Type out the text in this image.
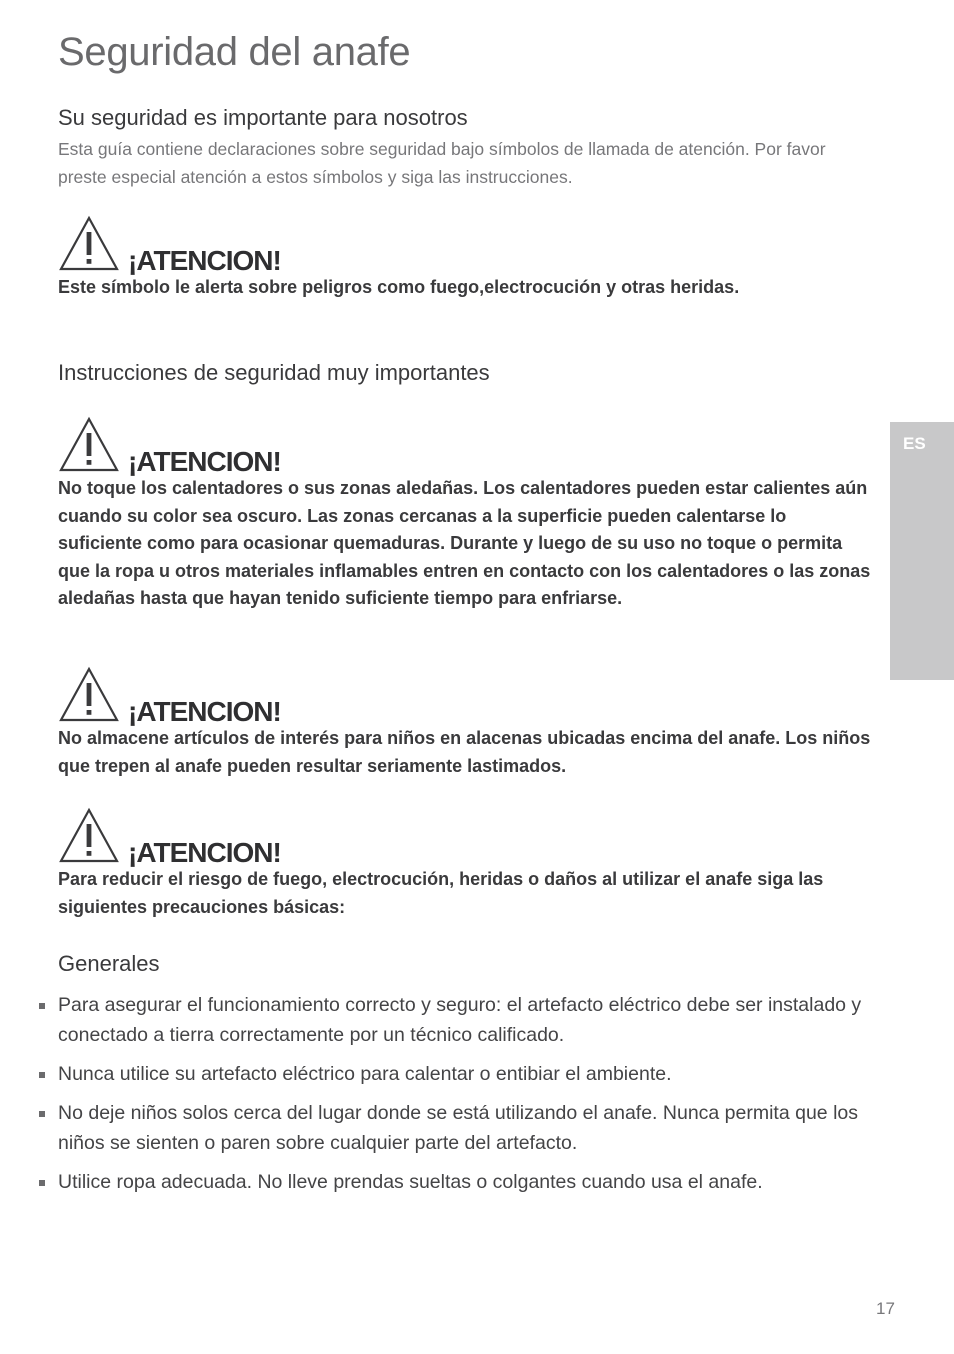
Seguridad del anafe
Su seguridad es importante para nosotros

Esta guía contiene declaraciones sobre seguridad bajo símbolos de llamada de atención. Por favor preste especial atención a estos símbolos y siga las instrucciones.

¡ATENCION!

Este símbolo le alerta sobre peligros como fuego,electrocución y otras heridas.

Instrucciones de seguridad muy importantes
¡ATENCION!

No toque los calentadores o sus zonas aledañas. Los calentadores pueden estar calientes aún cuando su color sea oscuro. Las zonas cercanas a la superficie pueden calentarse lo suficiente como para ocasionar quemaduras. Durante y luego de su uso no toque o permita que la ropa u otros materiales inflamables entren en contacto con los calentadores o las zonas aledañas hasta que hayan tenido suficiente tiempo para enfriarse.

¡ATENCION!

No almacene artículos de interés para niños en alacenas ubicadas encima del anafe. Los niños que trepen al anafe pueden resultar seriamente lastimados.

¡ATENCION!

Para reducir el riesgo de fuego, electrocución, heridas o daños al utilizar el anafe siga las siguientes precauciones básicas:

Generales
Para asegurar el funcionamiento correcto y seguro: el artefacto eléctrico debe ser instalado y conectado a tierra correctamente por un técnico calificado.
Nunca utilice su artefacto eléctrico para calentar o entibiar el ambiente.
No deje niños solos cerca del lugar donde se está utilizando el anafe. Nunca permita que los niños se sienten o paren sobre cualquier parte del artefacto.
Utilice ropa adecuada. No lleve prendas sueltas o colgantes cuando usa el anafe.
ES
17
